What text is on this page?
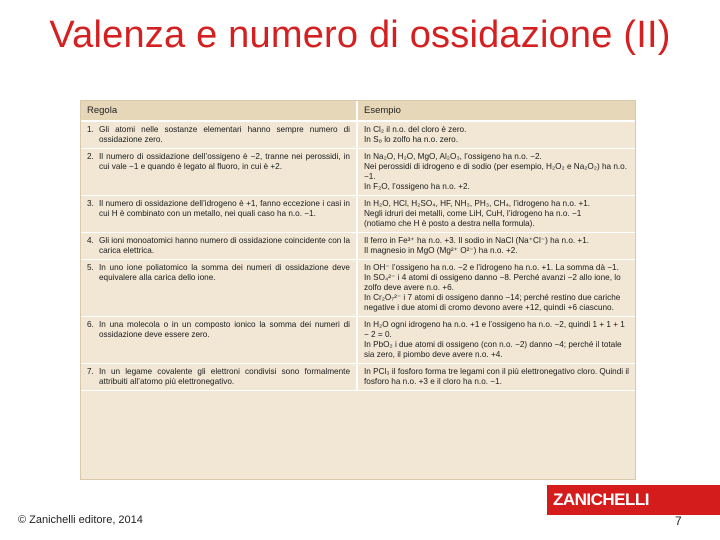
Valenza e numero di ossidazione (II)
Regola	Esempio

1. Gli atomi nelle sostanze elementari hanno sempre numero di ossidazione zero.	In Cl₂ il n.o. del cloro è zero.
In S₈ lo zolfo ha n.o. zero.

2. Il numero di ossidazione dell’ossigeno è −2, tranne nei perossidi, in cui vale −1 e quando è legato al fluoro, in cui è +2.	In Na₂O, H₂O, MgO, Al₂O₃, l’ossigeno ha n.o. −2.
Nei perossidi di idrogeno e di sodio (per esempio, H₂O₂ e Na₂O₂) ha n.o. −1.
In F₂O, l’ossigeno ha n.o. +2.

3. Il numero di ossidazione dell’idrogeno è +1, fanno eccezione i casi in cui H è combinato con un metallo, nei quali caso ha n.o. −1.	In H₂O, HCl, H₂SO₄, HF, NH₃, PH₃, CH₄, l’idrogeno ha n.o. +1.
Negli idruri dei metalli, come LiH, CuH, l’idrogeno ha n.o. −1
(notiamo che H è posto a destra nella formula).

4. Gli ioni monoatomici hanno numero di ossidazione coincidente con la carica elettrica.	Il ferro in Fe³⁺ ha n.o. +3. Il sodio in NaCl (Na⁺Cl⁻) ha n.o. +1.
Il magnesio in MgO (Mg²⁺ O²⁻) ha n.o. +2.

5. In uno ione poliatomico la somma dei numeri di ossidazione deve equivalere alla carica dello ione.	In OH⁻ l’ossigeno ha n.o. −2 e l’idrogeno ha n.o. +1. La somma dà −1.
In SO₄²⁻ i 4 atomi di ossigeno danno −8. Perché avanzi −2 allo ione, lo zolfo deve avere n.o. +6.
In Cr₂O₇²⁻ i 7 atomi di ossigeno danno −14; perché restino due cariche negative i due atomi di cromo devono avere +12, quindi +6 ciascuno.

6. In una molecola o in un composto ionico la somma dei numeri di ossidazione deve essere zero.	In H₂O ogni idrogeno ha n.o. +1 e l’ossigeno ha n.o. −2, quindi 1 + 1 + 1 − 2 = 0.
In PbO₂ i due atomi di ossigeno (con n.o. −2) danno −4; perché il totale sia zero, il piombo deve avere n.o. +4.

7. In un legame covalente gli elettroni condivisi sono formalmente attribuiti all’atomo più elettronegativo.	In PCl₃ il fosforo forma tre legami con il più elettronegativo cloro. Quindi il fosforo ha n.o. +3 e il cloro ha n.o. −1.
© Zanichelli editore, 2014
ZANICHELLI
7
